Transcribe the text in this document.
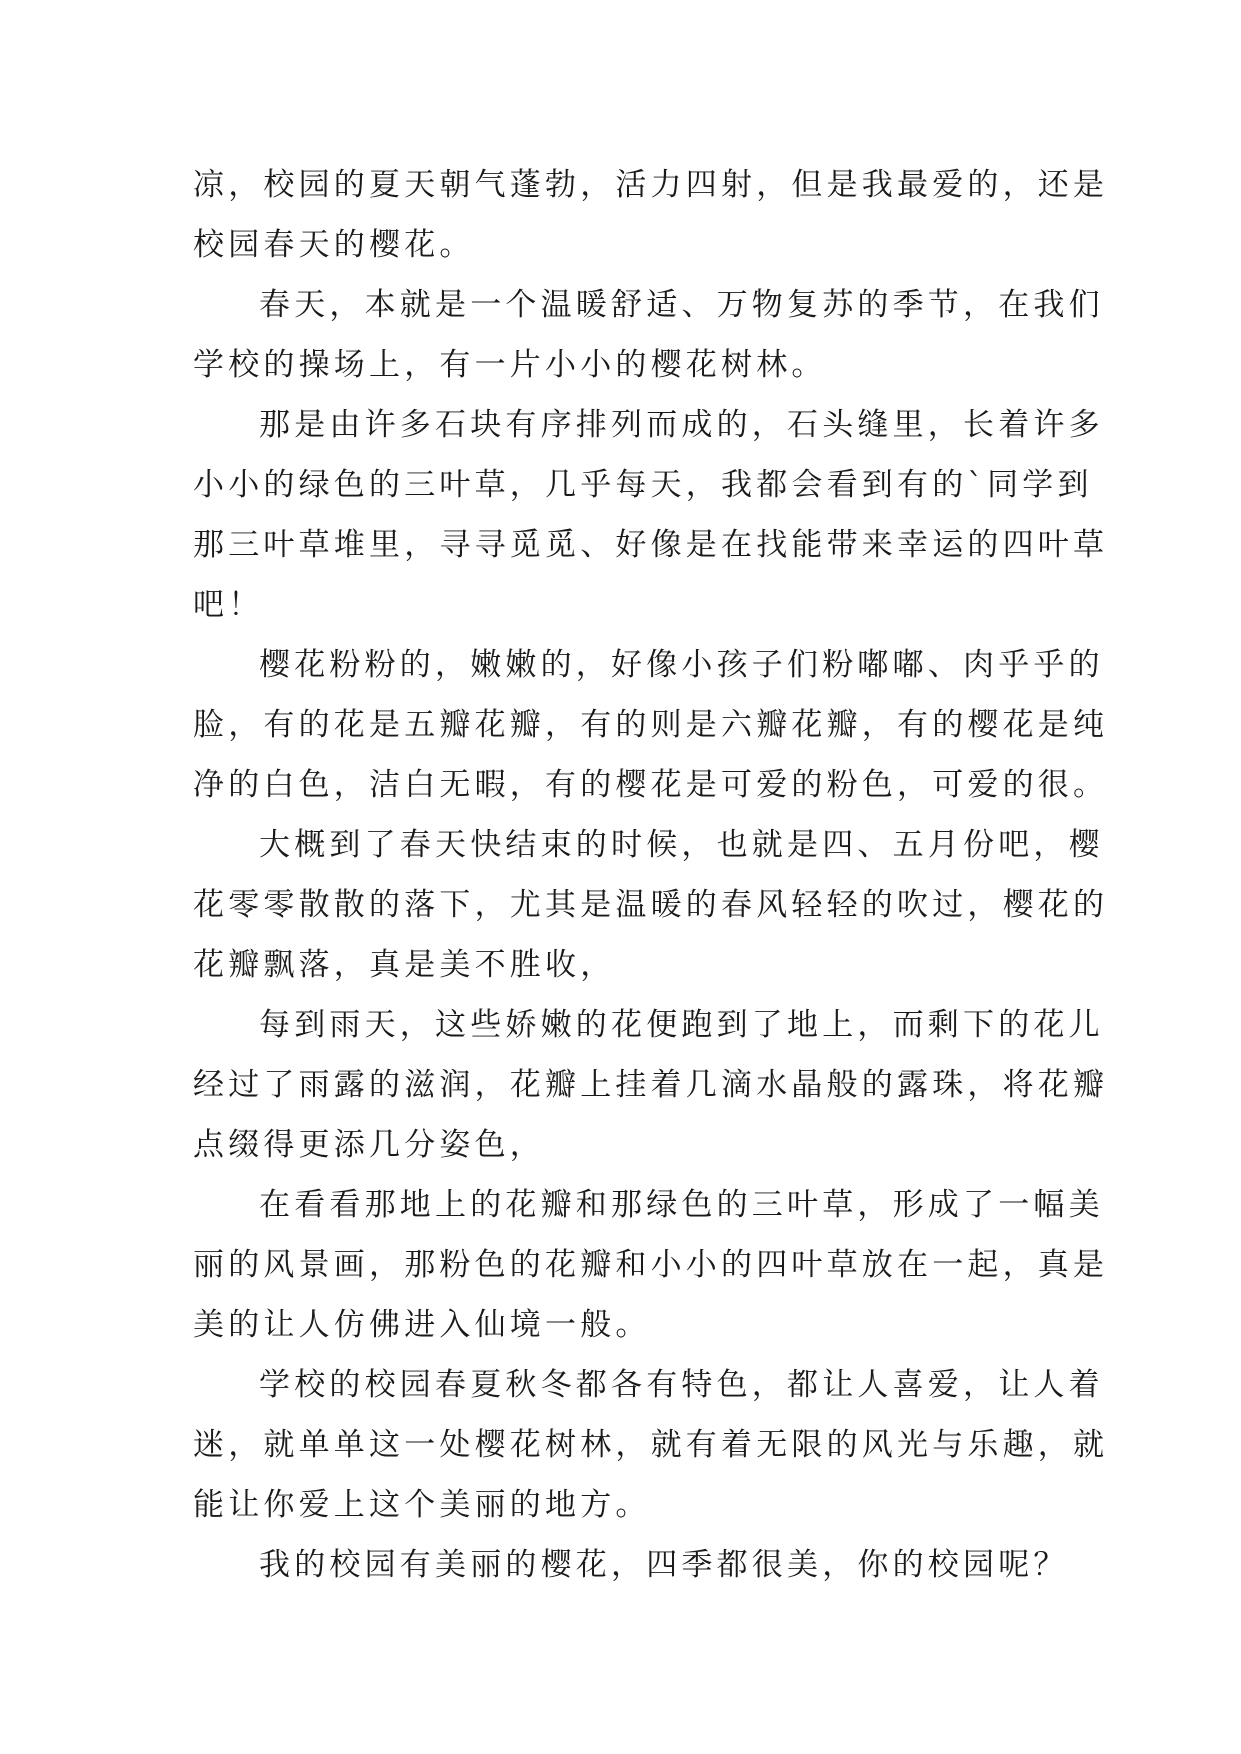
凉，校园的夏天朝气蓬勃，活力四射，但是我最爱的，还是

校园春天的樱花。

春天，本就是一个温暖舒适、万物复苏的季节，在我们

学校的操场上，有一片小小的樱花树林。

那是由许多石块有序排列而成的，石头缝里，长着许多

小小的绿色的三叶草，几乎每天，我都会看到有的`同学到

那三叶草堆里，寻寻觅觅、好像是在找能带来幸运的四叶草

吧！

樱花粉粉的，嫩嫩的，好像小孩子们粉嘟嘟、肉乎乎的

脸，有的花是五瓣花瓣，有的则是六瓣花瓣，有的樱花是纯

净的白色，洁白无暇，有的樱花是可爱的粉色，可爱的很。

大概到了春天快结束的时候，也就是四、五月份吧，樱

花零零散散的落下，尤其是温暖的春风轻轻的吹过，樱花的

花瓣飘落，真是美不胜收，

每到雨天，这些娇嫩的花便跑到了地上，而剩下的花儿

经过了雨露的滋润，花瓣上挂着几滴水晶般的露珠，将花瓣

点缀得更添几分姿色，

在看看那地上的花瓣和那绿色的三叶草，形成了一幅美

丽的风景画，那粉色的花瓣和小小的四叶草放在一起，真是

美的让人仿佛进入仙境一般。

学校的校园春夏秋冬都各有特色，都让人喜爱，让人着

迷，就单单这一处樱花树林，就有着无限的风光与乐趣，就

能让你爱上这个美丽的地方。

我的校园有美丽的樱花，四季都很美，你的校园呢？
